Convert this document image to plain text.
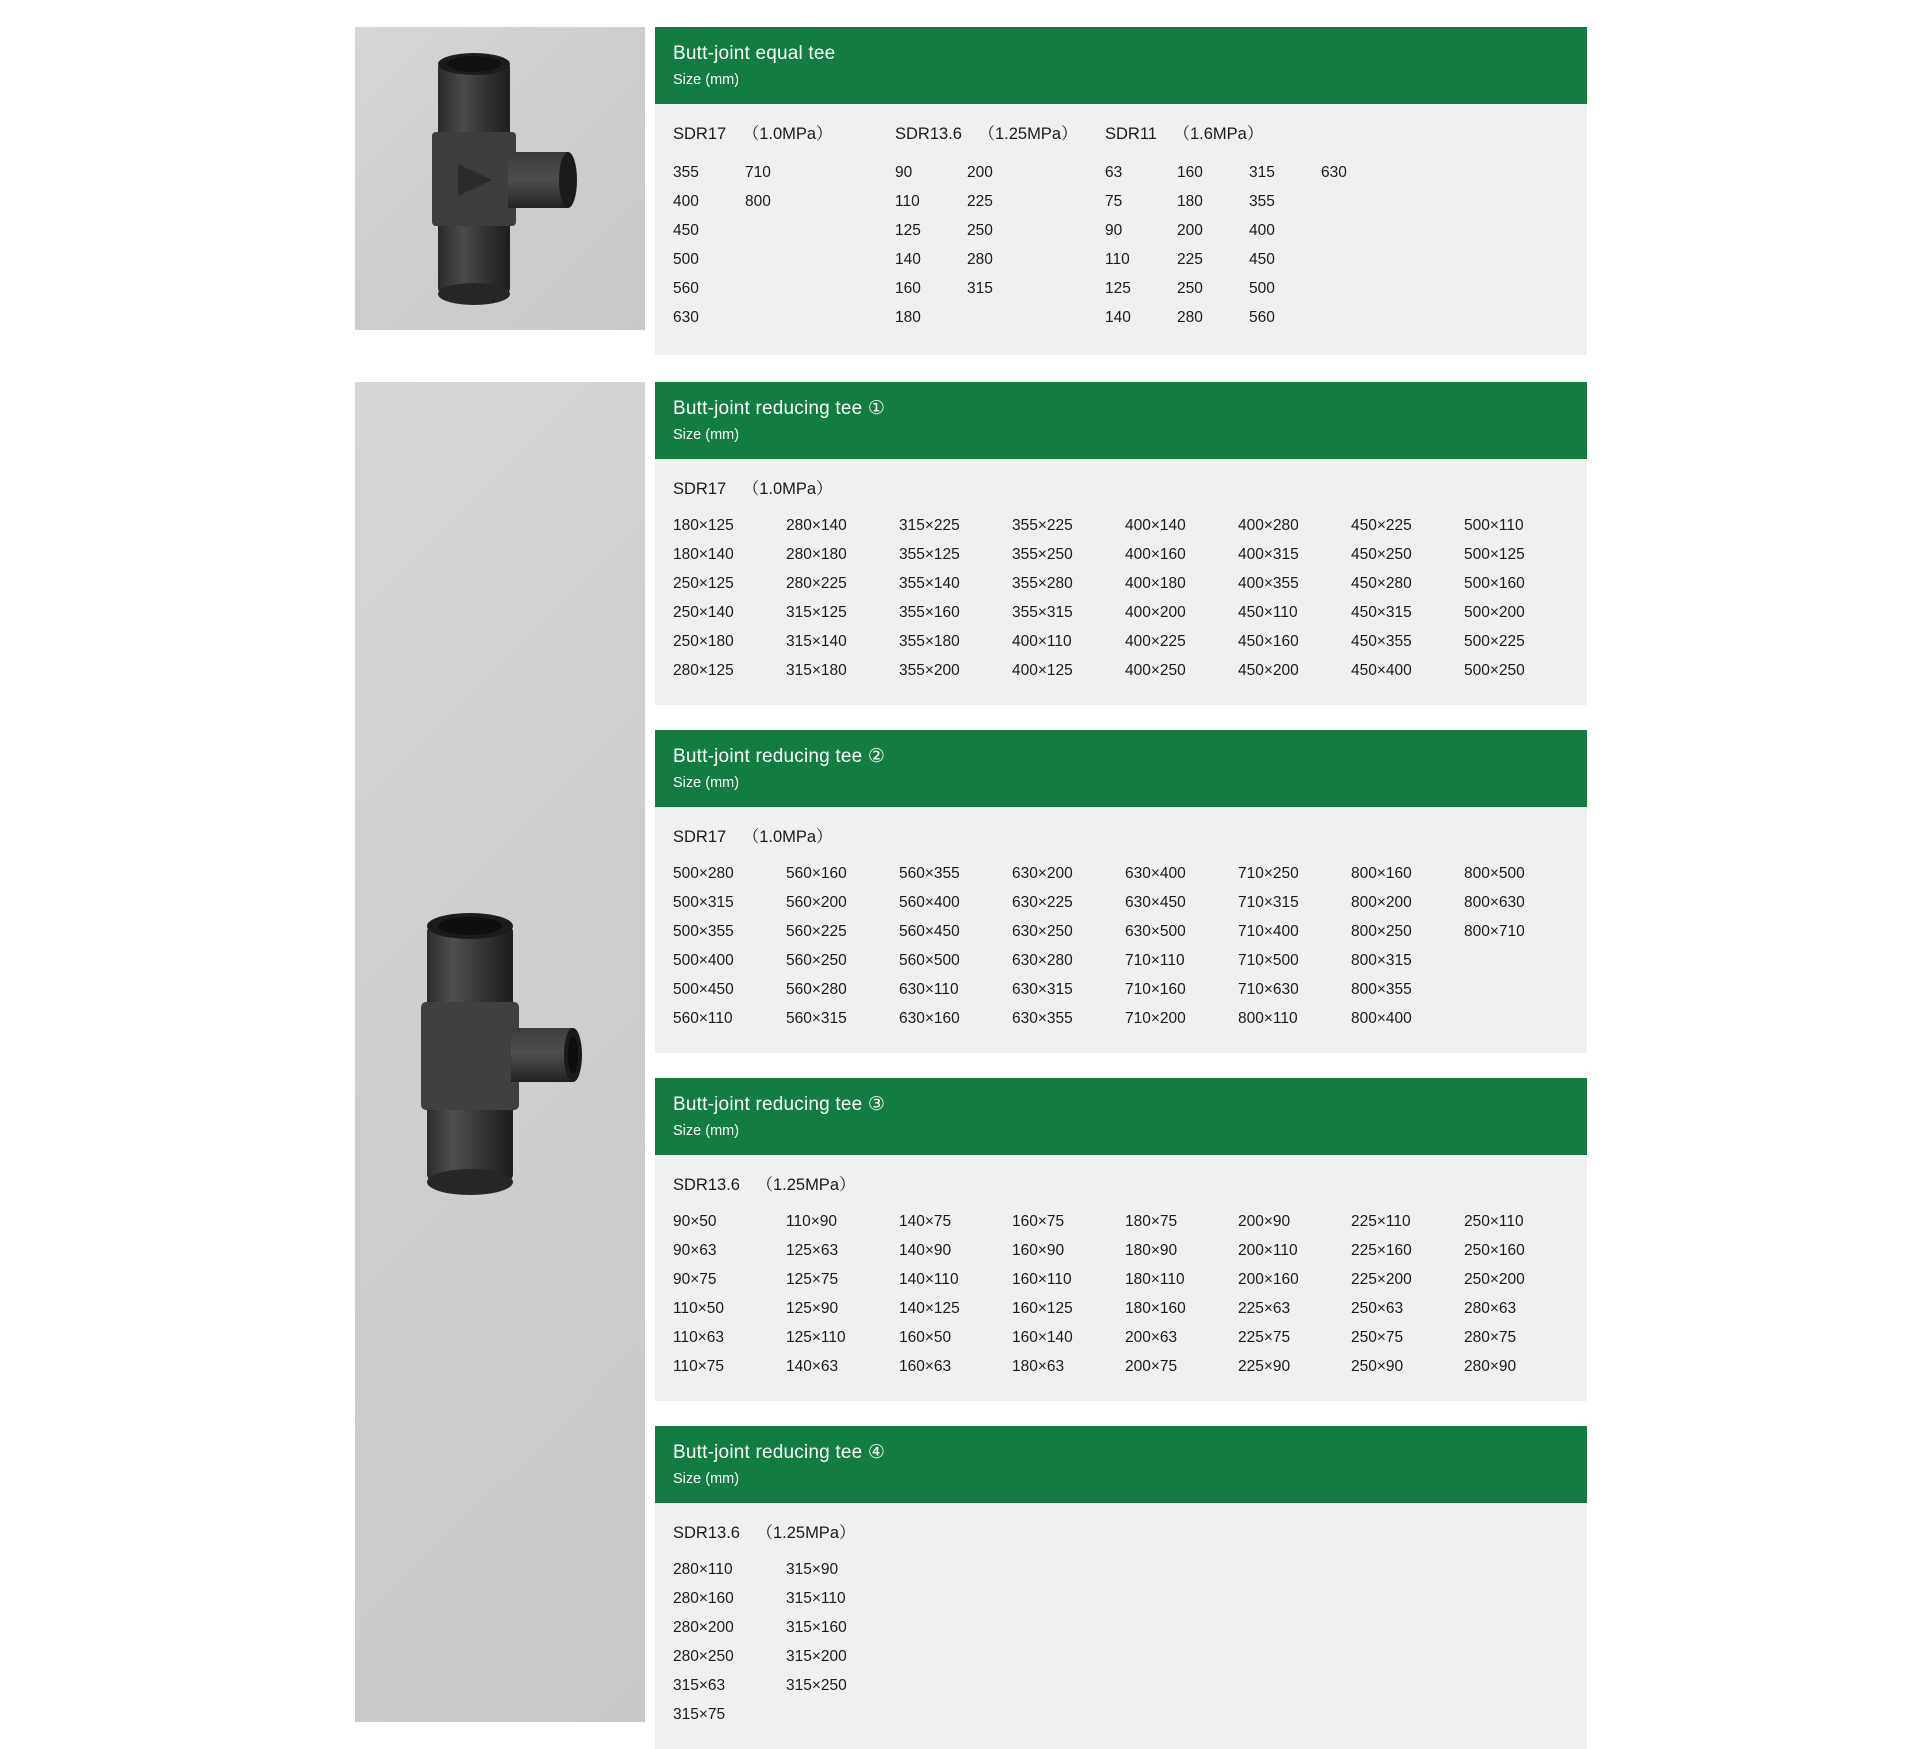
Butt-joint equal tee
Size (mm)
SDR17 （1.0MPa）	SDR13.6 （1.25MPa） SDR11 （1.6MPa）
355
400
450
500
560
630
710
800
90
110
125
140
160
180
200
225
250
280
315
63
75
90
110
125
140
160
180
200
225
250
280
315
355
400
450
500
560
630
Butt-joint reducing tee ①
Size (mm)
SDR17 （1.0MPa）
180×125
180×140
250×125
250×140
250×180
280×125
280×140
280×180
280×225
315×125
315×140
315×180
315×225
355×125
355×140
355×160
355×180
355×200
355×225
355×250
355×280
355×315
400×110
400×125
400×140
400×160
400×180
400×200
400×225
400×250
400×280
400×315
400×355
450×110
450×160
450×200
450×225
450×250
450×280
450×315
450×355
450×400
500×110
500×125
500×160
500×200
500×225
500×250
Butt-joint reducing tee ②
Size (mm)
SDR17 （1.0MPa）
500×280
500×315
500×355
500×400
500×450
560×110
560×160
560×200
560×225
560×250
560×280
560×315
560×355
560×400
560×450
560×500
630×110
630×160
630×200
630×225
630×250
630×280
630×315
630×355
630×400
630×450
630×500
710×110
710×160
710×200
710×250
710×315
710×400
710×500
710×630
800×110
800×160
800×200
800×250
800×315
800×355
800×400
800×500
800×630
800×710
Butt-joint reducing tee ③
Size (mm)
SDR13.6 （1.25MPa）
90×50
90×63
90×75
110×50
110×63
110×75
110×90
125×63
125×75
125×90
125×110
140×63
140×75
140×90
140×110
140×125
160×50
160×63
160×75
160×90
160×110
160×125
160×140
180×63
180×75
180×90
180×110
180×160
200×63
200×75
200×90
200×110
200×160
225×63
225×75
225×90
225×110
225×160
225×200
250×63
250×75
250×90
250×110
250×160
250×200
280×63
280×75
280×90
Butt-joint reducing tee ④
Size (mm)
SDR13.6 （1.25MPa）
280×110
280×160
280×200
280×250
315×63
315×75
315×90
315×110
315×160
315×200
315×250
